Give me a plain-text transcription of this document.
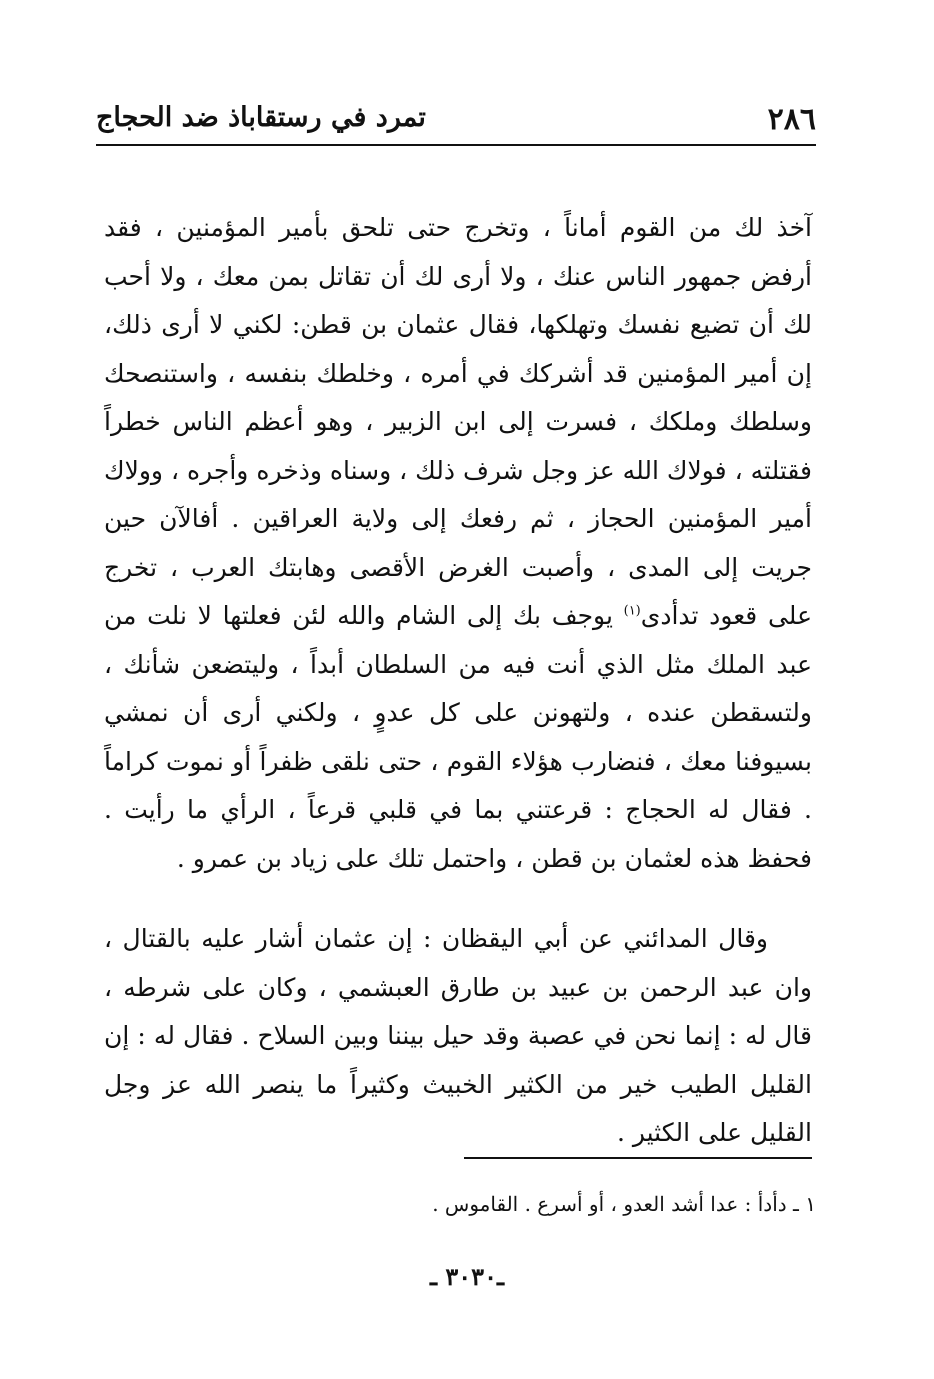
٢٨٦
تمرد في رستقاباذ ضد الحجاج

آخذ لك من القوم أماناً ، وتخرج حتى تلحق بأمير المؤمنين ، فقد أرفض جمهور الناس عنك ، ولا أرى لك أن تقاتل بمن معك ، ولا أحب لك أن تضيع نفسك وتهلكها، فقال عثمان بن قطن: لكني لا أرى ذلك، إن أمير المؤمنين قد أشركك في أمره ، وخلطك بنفسه ، واستنصحك وسلطك وملكك ، فسرت إلى ابن الزبير ، وهو أعظم الناس خطراً فقتلته ، فولاك الله عز وجل شرف ذلك ، وسناه وذخره وأجره ، وولاك أمير المؤمنين الحجاز ، ثم رفعك إلى ولاية العراقين . أفالآن حين جريت إلى المدى ، وأصبت الغرض الأقصى وهابتك العرب ، تخرج على قعود تدأدى$^{(١)}$ يوجف بك إلى الشام والله لئن فعلتها لا نلت من عبد الملك مثل الذي أنت فيه من السلطان أبداً ، وليتضعن شأنك ، ولتسقطن عنده ، ولتهونن على كل عدوٍ ، ولكني أرى أن نمشي بسيوفنا معك ، فنضارب هؤلاء القوم ، حتى نلقى ظفراً أو نموت كراماً . فقال له الحجاج : قرعتني بما في قلبي قرعاً ، الرأي ما رأيت . فحفظ هذه لعثمان بن قطن ، واحتمل تلك على زياد بن عمرو .

وقال المدائني عن أبي اليقظان : إن عثمان أشار عليه بالقتال ، وان عبد الرحمن بن عبيد بن طارق العبشمي ، وكان على شرطه ، قال له : إنما نحن في عصبة وقد حيل بيننا وبين السلاح . فقال له : إن القليل الطيب خير من الكثير الخبيث وكثيراً ما ينصر الله عز وجل القليل على الكثير .

١ ـ دأدأ : عدا أشد العدو ، أو أسرع . القاموس .
ـ٣٠٣٠ ـ
